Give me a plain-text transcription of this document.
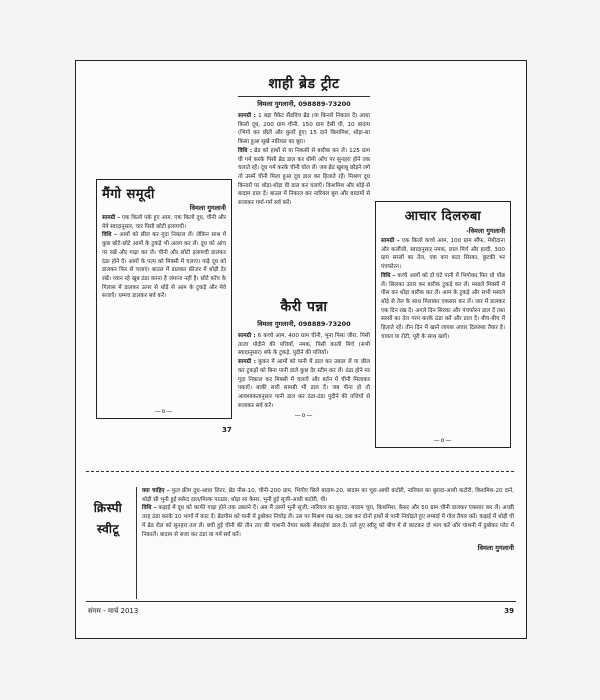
शाही ब्रेड ट्रीट
विमला गुगलानी, 098889-73200

सामग्री : 1 बड़ा पैकेट सैंडविच ब्रेड (या किनारे निकाल दें) आधा किलो दूध, 200 ग्राम चीनी, 150 ग्राम देसी घी, 10 बादाम (भिगो कर छीलें और कुतरें हुए) 15 दाने किशमिश, थोड़ा-सा किसा हुआ सूखे नारियल का बूरा।

विधि : ब्रेड को हाथों से या निकसी से बारीक कर लें। 125 ग्राम घी गर्म करके पिसी ब्रेड डाल कर धीमी आँच पर सुनहरा होने तक चलाते रहें। दूध गर्म करके चीनी घोल लें। जब ब्रेड खुशबू छोड़ने लगे तो उसमें चीनी मिला हुआ दूध डाल कर हिलाते रहें। मिश्रण दूध किनारों पर थोड़ा-थोड़ा घी डाल कर चलाएँ। किशमिश और थोड़े-से बादाम डाल दें। बाउल में निकाल कर नारियल बूरा और बादामों से सजाकर गर्मा-गर्म सर्व करें।

कैरी पन्ना
विमला गुगलानी, 098889-73200

सामग्री : 6 कच्चे आम, 400 ग्राम चीनी, भुना पिसा जीरा, पिसी ताजा पोदीने की पत्तियाँ, नमक, पिसी काली मिर्च (सभी स्वादानुसार) बर्फ के टुकड़े, पुदीने की पत्तियाँ।

सामग्री : कुकर में आमों को पानी में डाल कर उबाल लें या छील कर टुकड़ों को बिना पानी डाले कुछ देर स्टीम कर लें। ठंडा होने पर गूदा निकाल कर मिक्सी में चलाएँ और बर्तन में चीनी मिलाकर पकाएँ। बाकी सारी सामग्री भी डाल दें। जब पीना हो तो आवश्यकतानुसार पानी डाल कर ठंडा-ठंडा पुदीने की पत्तियों से सजाकर सर्व करें।

—o—
मैंगो समूदी
विमला गुगलानी

सामग्री – एक किलो पके हुए आम, एक किलो दूध, चीनी और मेवे स्वादानुसार, चार पिसी छोटी इलायची।

विधि – आमों को छील कर गूदा निकाल लें। लेकिन साथ में कुछ छोटे-छोटे आमों के टुकड़े भी अलग कर लें। दूध को आंच पर रखें और गाढ़ा कर लें। चीनी और छोटी इलायची डालकर ठंडा होने दें। आमों के पल्प को मिक्सी में चलाएं। गाढ़े दूध को डालकर फिर से चलाएं। बाउल में डालकर फ्रीजर में थोड़ी देर रखें। ध्यान रहे खूब ठंडा करना है जमाना नहीं है। छोटे काँच के गिलास में डालकर ऊपर से थोड़े से आम के टुकड़े और मेवे सजाएँ। धम्मच डालकर सर्व करें।

—o—
आचार दिलरुबा
-विमला गुगलानी

सामग्री – एक किलो कच्चे आम, 100 ग्राम सौंफ, मेथीदाना और कलौंजी, स्वादानुसार नमक, लाल मिर्च और हल्दी, 300 ग्राम सरसों का तेल, एक कप कटा सिरका, छुटकी भर पंचफोरन।

विधि – कच्चे आमों को दो घंटे पानी में भिगोकर फिर धो पोंछ लें। छिलका उतार कर बारीक टुकड़े कर लें। मसाले मिक्सी में पीस कर थोड़ा बारीक कर लें। आम के टुकड़े और सभी मसाले थोड़े से तेल के साथ मिलाकर एकसार कर लें। जार में डालकर एक दिन रख दें। अगले दिन सिरका और पंचफोरन डाल दें तथा सरसों का तेल गरम करके ठंडा करें और डाल दें। बीच-बीच में हिलाते रहें। तीन दिन में खाने लायक अचार दिलरुबा तैयार है। चावल या रोटी, पूरी के साथ खाएँ।

—o—
37
क्रिस्पी
स्वीटू

क्या चाहिए – फुल क्रीम दूध-आधा लिटर, ब्रेड पीस-10, चीनी-200 ग्राम, भिगोए छिले बादाम-20, बादाम का चूरा-आधी कटोरी, नारियल का बुरादा-आधी कटोरी, किशमिश-20 दाने, थोड़ी सी भुनी हुई सफ़ेद दाल/मिल्क पाउडर, थोड़ा सा केसर, भुनी हुई सूजी-आधी कटोरी, घी।

विधि – कढ़ाई में दूध को काफी गाढ़ा होने तक उबलने दें। अब मैं उसमें भुनी सूजी, नारियल का बुरादा, बादाम चूरा, किशमिश, केसर और 50 ग्राम चीनी डालकर एकसार कर लें। अच्छी तरह ठंडा करके 10 भागों में काट दें। ब्रेडपीस को पानी में डुबोकर निचोड़ लें। उस पर मिश्रण रख कर, दबा कर दोनों हाथों से पानी निचोड़ते हुए लम्बाई में गोल तैयार करें। कढ़ाई में थोड़ी घी में ब्रेड रोल को सुनहरा तल लें। बची हुई चीनी की तीन तार की चाशनी तैयार करके सेकाईयां डाल दें। तले हुए स्वीटू को बीच में से काटकर दो भाग करें और चाशनी में डुबोकर प्लेट में निकालें। बादाम से सजा कर ठंडा या गर्म सर्व करें।

विमला गुगलानी
संगम - मार्च 2013	39
